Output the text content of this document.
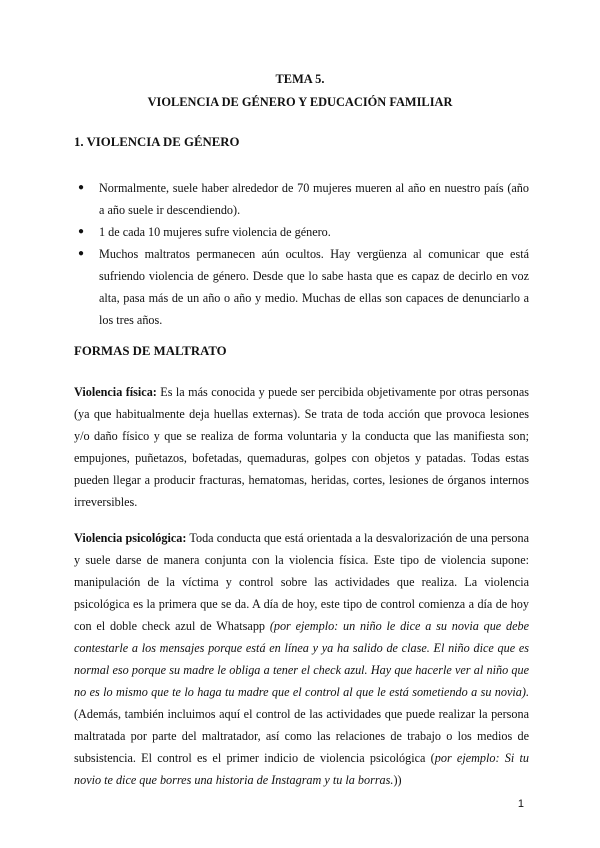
TEMA 5.
VIOLENCIA DE GÉNERO Y EDUCACIÓN FAMILIAR
1. VIOLENCIA DE GÉNERO
● Normalmente, suele haber alrededor de 70 mujeres mueren al año en nuestro país (año a año suele ir descendiendo).
● 1 de cada 10 mujeres sufre violencia de género.
● Muchos maltratos permanecen aún ocultos. Hay vergüenza al comunicar que está sufriendo violencia de género. Desde que lo sabe hasta que es capaz de decirlo en voz alta, pasa más de un año o año y medio. Muchas de ellas son capaces de denunciarlo a los tres años.
FORMAS DE MALTRATO

Violencia física: Es la más conocida y puede ser percibida objetivamente por otras personas (ya que habitualmente deja huellas externas). Se trata de toda acción que provoca lesiones y/o daño físico y que se realiza de forma voluntaria y la conducta que las manifiesta son; empujones, puñetazos, bofetadas, quemaduras, golpes con objetos y patadas. Todas estas pueden llegar a producir fracturas, hematomas, heridas, cortes, lesiones de órganos internos irreversibles.

Violencia psicológica: Toda conducta que está orientada a la desvalorización de una persona y suele darse de manera conjunta con la violencia física. Este tipo de violencia supone: manipulación de la víctima y control sobre las actividades que realiza. La violencia psicológica es la primera que se da. A día de hoy, este tipo de control comienza a día de hoy con el doble check azul de Whatsapp (por ejemplo: un niño le dice a su novia que debe contestarle a los mensajes porque está en línea y ya ha salido de clase. El niño dice que es normal eso porque su madre le obliga a tener el check azul. Hay que hacerle ver al niño que no es lo mismo que te lo haga tu madre que el control al que le está sometiendo a su novia). (Además, también incluimos aquí el control de las actividades que puede realizar la persona maltratada por parte del maltratador, así como las relaciones de trabajo o los medios de subsistencia. El control es el primer indicio de violencia psicológica (por ejemplo: Si tu novio te dice que borres una historia de Instagram y tu la borras.))

1
